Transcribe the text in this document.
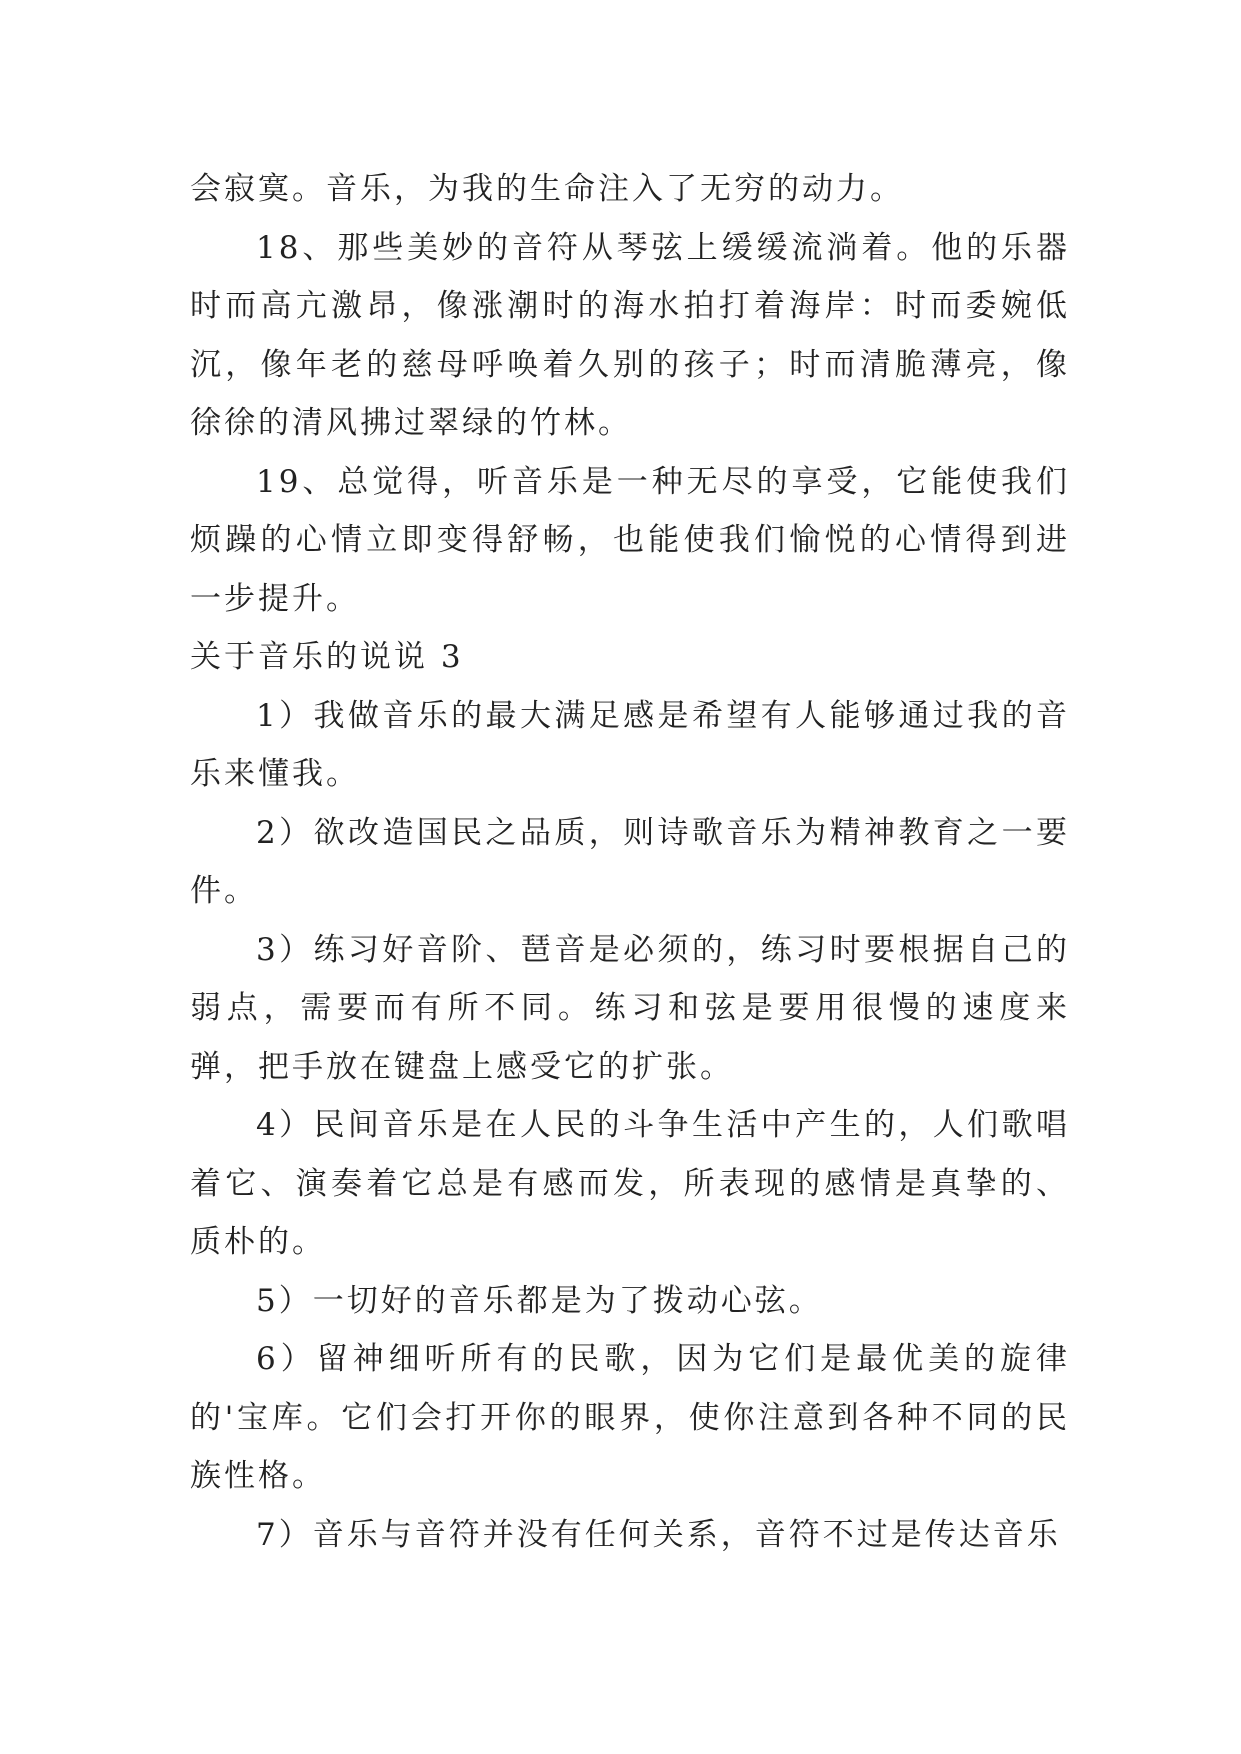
会寂寞。音乐，为我的生命注入了无穷的动力。

18、那些美妙的音符从琴弦上缓缓流淌着。他的乐器时而高亢激昂，像涨潮时的海水拍打着海岸：时而委婉低沉，像年老的慈母呼唤着久别的孩子；时而清脆薄亮，像徐徐的清风拂过翠绿的竹林。

19、总觉得，听音乐是一种无尽的享受，它能使我们烦躁的心情立即变得舒畅，也能使我们愉悦的心情得到进一步提升。

关于音乐的说说 3

1）我做音乐的最大满足感是希望有人能够通过我的音乐来懂我。

2）欲改造国民之品质，则诗歌音乐为精神教育之一要件。

3）练习好音阶、琶音是必须的，练习时要根据自己的弱点，需要而有所不同。练习和弦是要用很慢的速度来弹，把手放在键盘上感受它的扩张。

4）民间音乐是在人民的斗争生活中产生的，人们歌唱着它、演奏着它总是有感而发，所表现的感情是真挚的、质朴的。

5）一切好的音乐都是为了拨动心弦。

6）留神细听所有的民歌，因为它们是最优美的旋律的'宝库。它们会打开你的眼界，使你注意到各种不同的民族性格。

7）音乐与音符并没有任何关系，音符不过是传达音乐
